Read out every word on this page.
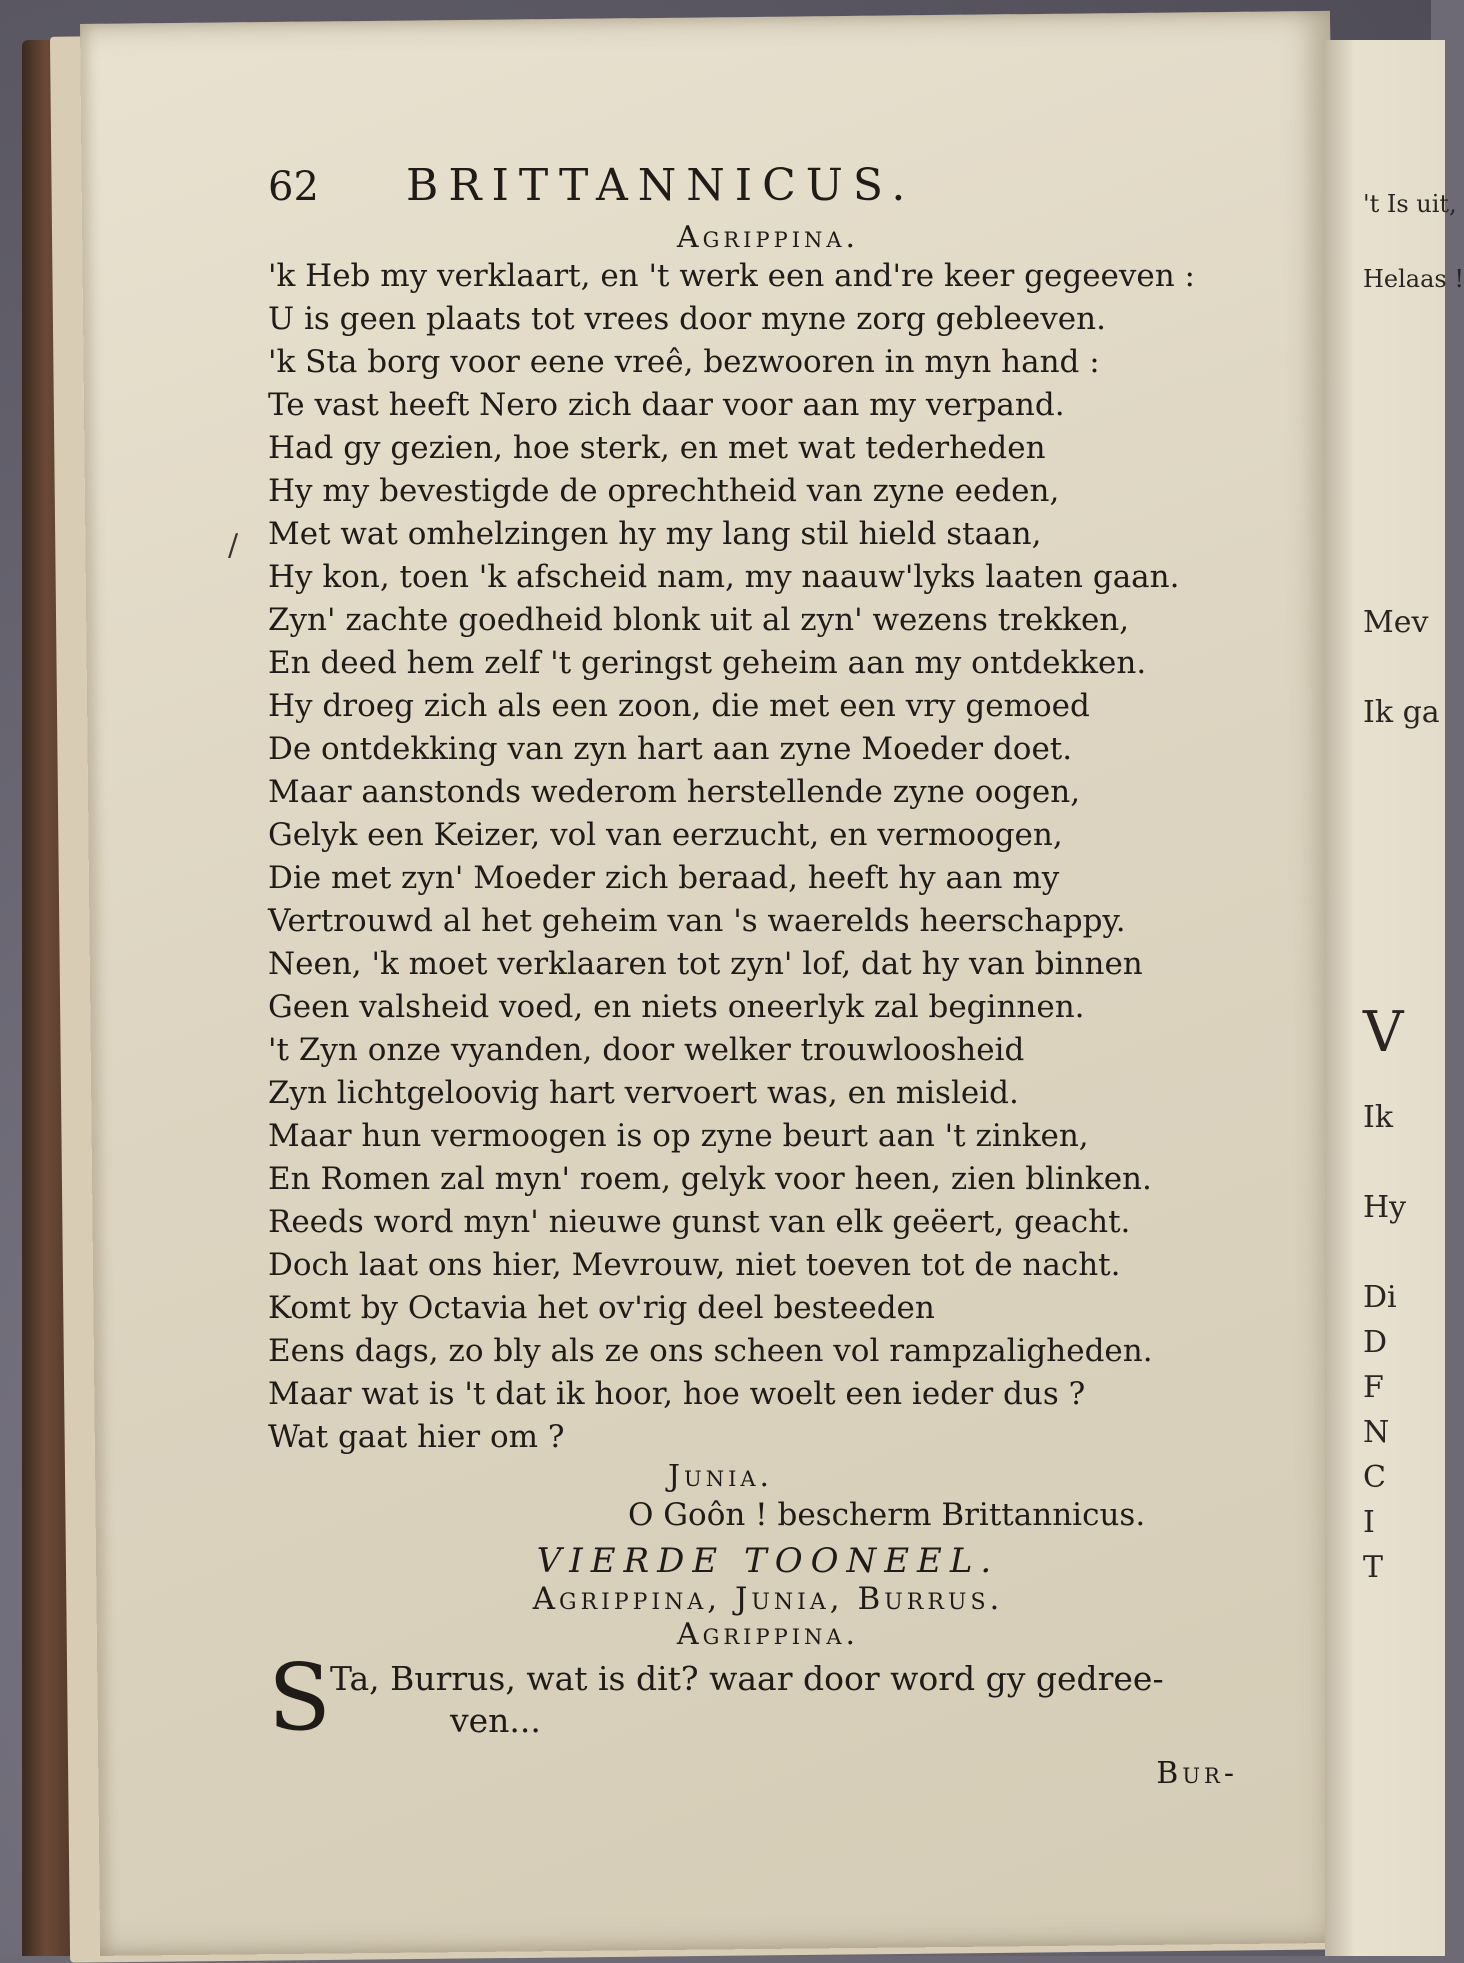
't Is uit,
Helaas !
Mev
Ik ga
V
Ik
Hy
Di
D
F
N
C
I
T
/
62	BRITTANNICUS.
Agrippina.
'k Heb my verklaart, en 't werk een and're keer gegeeven :
U is geen plaats tot vrees door myne zorg gebleeven.
'k Sta borg voor eene vreê, bezwooren in myn hand :
Te vast heeft Nero zich daar voor aan my verpand.
Had gy gezien, hoe sterk, en met wat tederheden
Hy my bevestigde de oprechtheid van zyne eeden,
Met wat omhelzingen hy my lang stil hield staan,
Hy kon, toen 'k afscheid nam, my naauw'lyks laaten gaan.
Zyn' zachte goedheid blonk uit al zyn' wezens trekken,
En deed hem zelf 't geringst geheim aan my ontdekken.
Hy droeg zich als een zoon, die met een vry gemoed
De ontdekking van zyn hart aan zyne Moeder doet.
Maar aanstonds wederom herstellende zyne oogen,
Gelyk een Keizer, vol van eerzucht, en vermoogen,
Die met zyn' Moeder zich beraad, heeft hy aan my
Vertrouwd al het geheim van 's waerelds heerschappy.
Neen, 'k moet verklaaren tot zyn' lof, dat hy van binnen
Geen valsheid voed, en niets oneerlyk zal beginnen.
't Zyn onze vyanden, door welker trouwloosheid
Zyn lichtgeloovig hart vervoert was, en misleid.
Maar hun vermoogen is op zyne beurt aan 't zinken,
En Romen zal myn' roem, gelyk voor heen, zien blinken.
Reeds word myn' nieuwe gunst van elk geëert, geacht.
Doch laat ons hier, Mevrouw, niet toeven tot de nacht.
Komt by Octavia het ov'rig deel besteeden
Eens dags, zo bly als ze ons scheen vol rampzaligheden.
Maar wat is 't dat ik hoor, hoe woelt een ieder dus ?
Wat gaat hier om ?
Junia.
O Goôn ! bescherm Brittannicus.
VIERDE TOONEEL.
Agrippina, Junia, Burrus.
Agrippina.
S
Ta, Burrus, wat is dit? waar door word gy gedree-
ven...
Bur-
